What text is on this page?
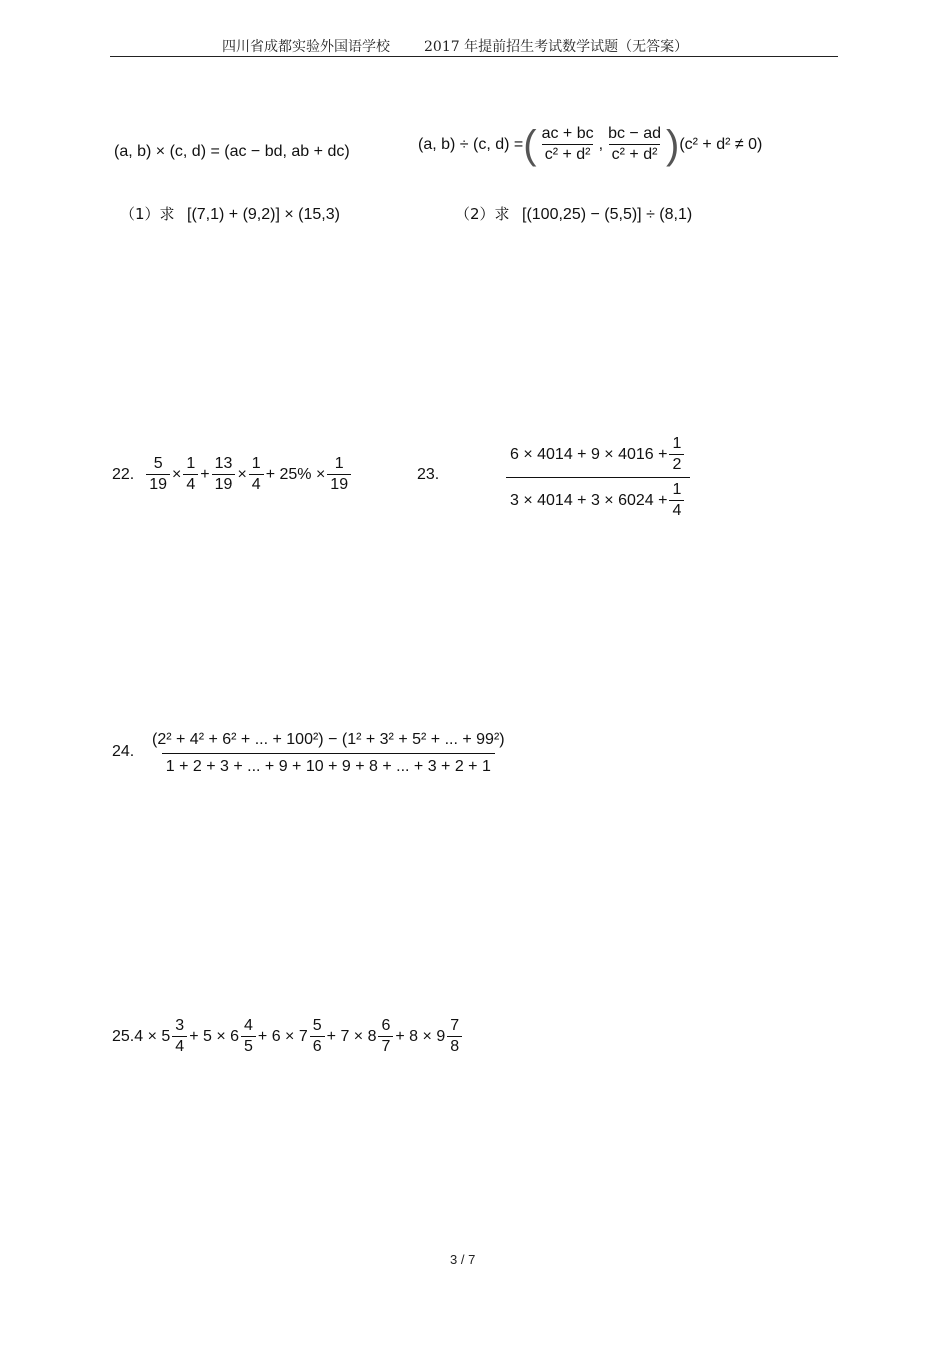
四川省成都实验外国语学校 2017 年提前招生考试数学试题（无答案）
(a, b) × (c, d) = (ac − bd, ab + dc)	(a, b) ÷ (c, d) = ( $\frac{ac + bc}{\text{c² + d²}}$ , $\frac{bc - ad}{\text{c² + d²}}$ ) (c² + d² ≠ 0)
（1）求 [(7,1) + (9,2)] × (15,3)	（2）求 [(100,25) − (5,5)] ÷ (8,1)
22. $\frac{5}{19} \times \frac{1}{4} + \frac{13}{19} \times \frac{1}{4} + 25\% \times \frac{1}{19}$	23.	$\frac{6 \times 4014 + 9 \times 4016 + \frac{1}{2}}{3 \times 4014 + 3 \times 6024 + \frac{1}{4}}$
24. $\frac{\text{(2² + 4² + 6² + ... + 100²) − (1² + 3² + 5² + ... + 99²)}}{1 + 2 + 3 + ... + 9 + 10 + 9 + 8 + ... + 3 + 2 + 1}$
25. $4 \times 5 \frac{3}{4} + 5 \times 6 \frac{4}{5} + 6 \times 7 \frac{5}{6} + 7 \times 8 \frac{6}{7} + 8 \times 9 \frac{7}{8}$
3 / 7
